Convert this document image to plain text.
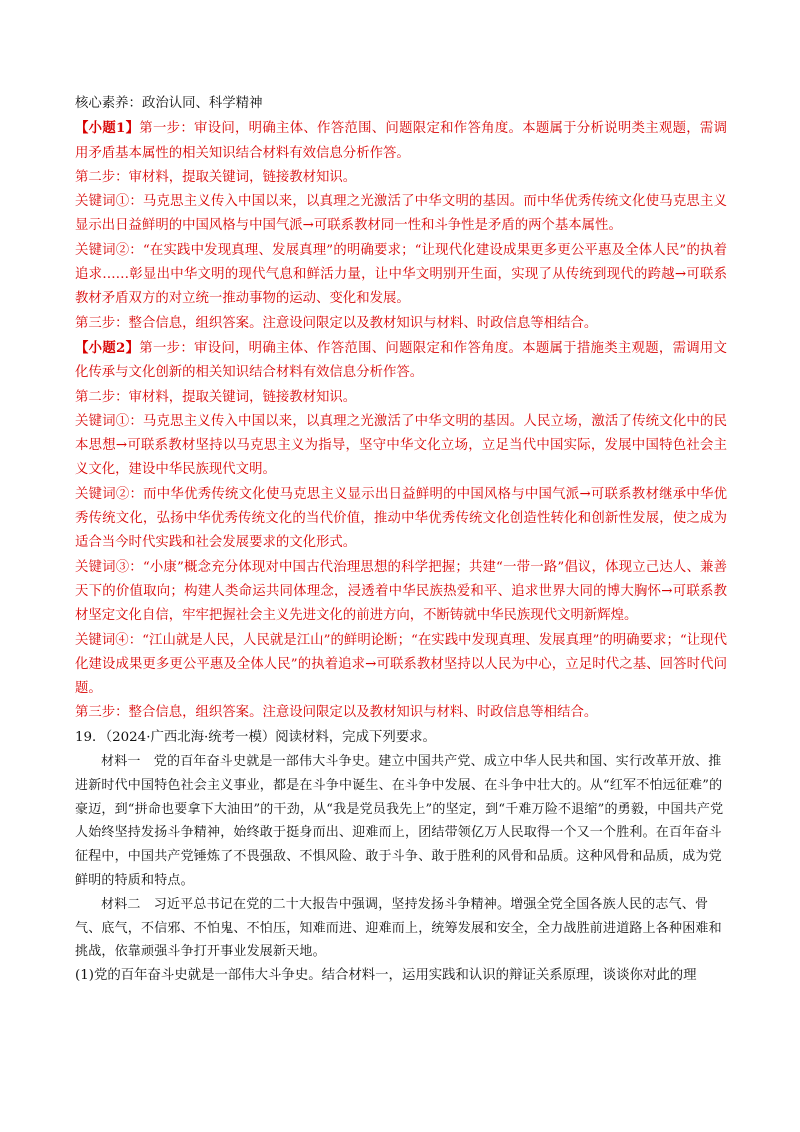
核心素养：政治认同、科学精神

【小题1】第一步：审设问，明确主体、作答范围、问题限定和作答角度。本题属于分析说明类主观题，需调用矛盾基本属性的相关知识结合材料有效信息分析作答。

第二步：审材料，提取关键词，链接教材知识。

关键词①：马克思主义传入中国以来，以真理之光激活了中华文明的基因。而中华优秀传统文化使马克思主义显示出日益鲜明的中国风格与中国气派→可联系教材同一性和斗争性是矛盾的两个基本属性。

关键词②：“在实践中发现真理、发展真理”的明确要求；“让现代化建设成果更多更公平惠及全体人民”的执着追求……彰显出中华文明的现代气息和鲜活力量，让中华文明别开生面，实现了从传统到现代的跨越→可联系教材矛盾双方的对立统一推动事物的运动、变化和发展。

第三步：整合信息，组织答案。注意设问限定以及教材知识与材料、时政信息等相结合。

【小题2】第一步：审设问，明确主体、作答范围、问题限定和作答角度。本题属于措施类主观题，需调用文化传承与文化创新的相关知识结合材料有效信息分析作答。

第二步：审材料，提取关键词，链接教材知识。

关键词①：马克思主义传入中国以来，以真理之光激活了中华文明的基因。人民立场，激活了传统文化中的民本思想→可联系教材坚持以马克思主义为指导，坚守中华文化立场，立足当代中国实际，发展中国特色社会主义文化，建设中华民族现代文明。

关键词②：而中华优秀传统文化使马克思主义显示出日益鲜明的中国风格与中国气派→可联系教材继承中华优秀传统文化，弘扬中华优秀传统文化的当代价值，推动中华优秀传统文化创造性转化和创新性发展，使之成为适合当今时代实践和社会发展要求的文化形式。

关键词③：“小康”概念充分体现对中国古代治理思想的科学把握；共建“一带一路”倡议，体现立己达人、兼善天下的价值取向；构建人类命运共同体理念，浸透着中华民族热爱和平、追求世界大同的博大胸怀→可联系教材坚定文化自信，牢牢把握社会主义先进文化的前进方向，不断铸就中华民族现代文明新辉煌。

关键词④：“江山就是人民，人民就是江山”的鲜明论断；“在实践中发现真理、发展真理”的明确要求；“让现代化建设成果更多更公平惠及全体人民”的执着追求→可联系教材坚持以人民为中心，立足时代之基、回答时代问题。

第三步：整合信息，组织答案。注意设问限定以及教材知识与材料、时政信息等相结合。

19．（2024·广西北海·统考一模）阅读材料，完成下列要求。

材料一　党的百年奋斗史就是一部伟大斗争史。建立中国共产党、成立中华人民共和国、实行改革开放、推进新时代中国特色社会主义事业，都是在斗争中诞生、在斗争中发展、在斗争中壮大的。从“红军不怕远征难”的豪迈，到“拼命也要拿下大油田”的干劲，从“我是党员我先上”的坚定，到“千难万险不退缩”的勇毅，中国共产党人始终坚持发扬斗争精神，始终敢于挺身而出、迎难而上，团结带领亿万人民取得一个又一个胜利。在百年奋斗征程中，中国共产党锤炼了不畏强敌、不惧风险、敢于斗争、敢于胜利的风骨和品质。这种风骨和品质，成为党鲜明的特质和特点。

材料二　习近平总书记在党的二十大报告中强调，坚持发扬斗争精神。增强全党全国各族人民的志气、骨气、底气，不信邪、不怕鬼、不怕压，知难而进、迎难而上，统筹发展和安全，全力战胜前进道路上各种困难和挑战，依靠顽强斗争打开事业发展新天地。

(1)党的百年奋斗史就是一部伟大斗争史。结合材料一，运用实践和认识的辩证关系原理，谈谈你对此的理
